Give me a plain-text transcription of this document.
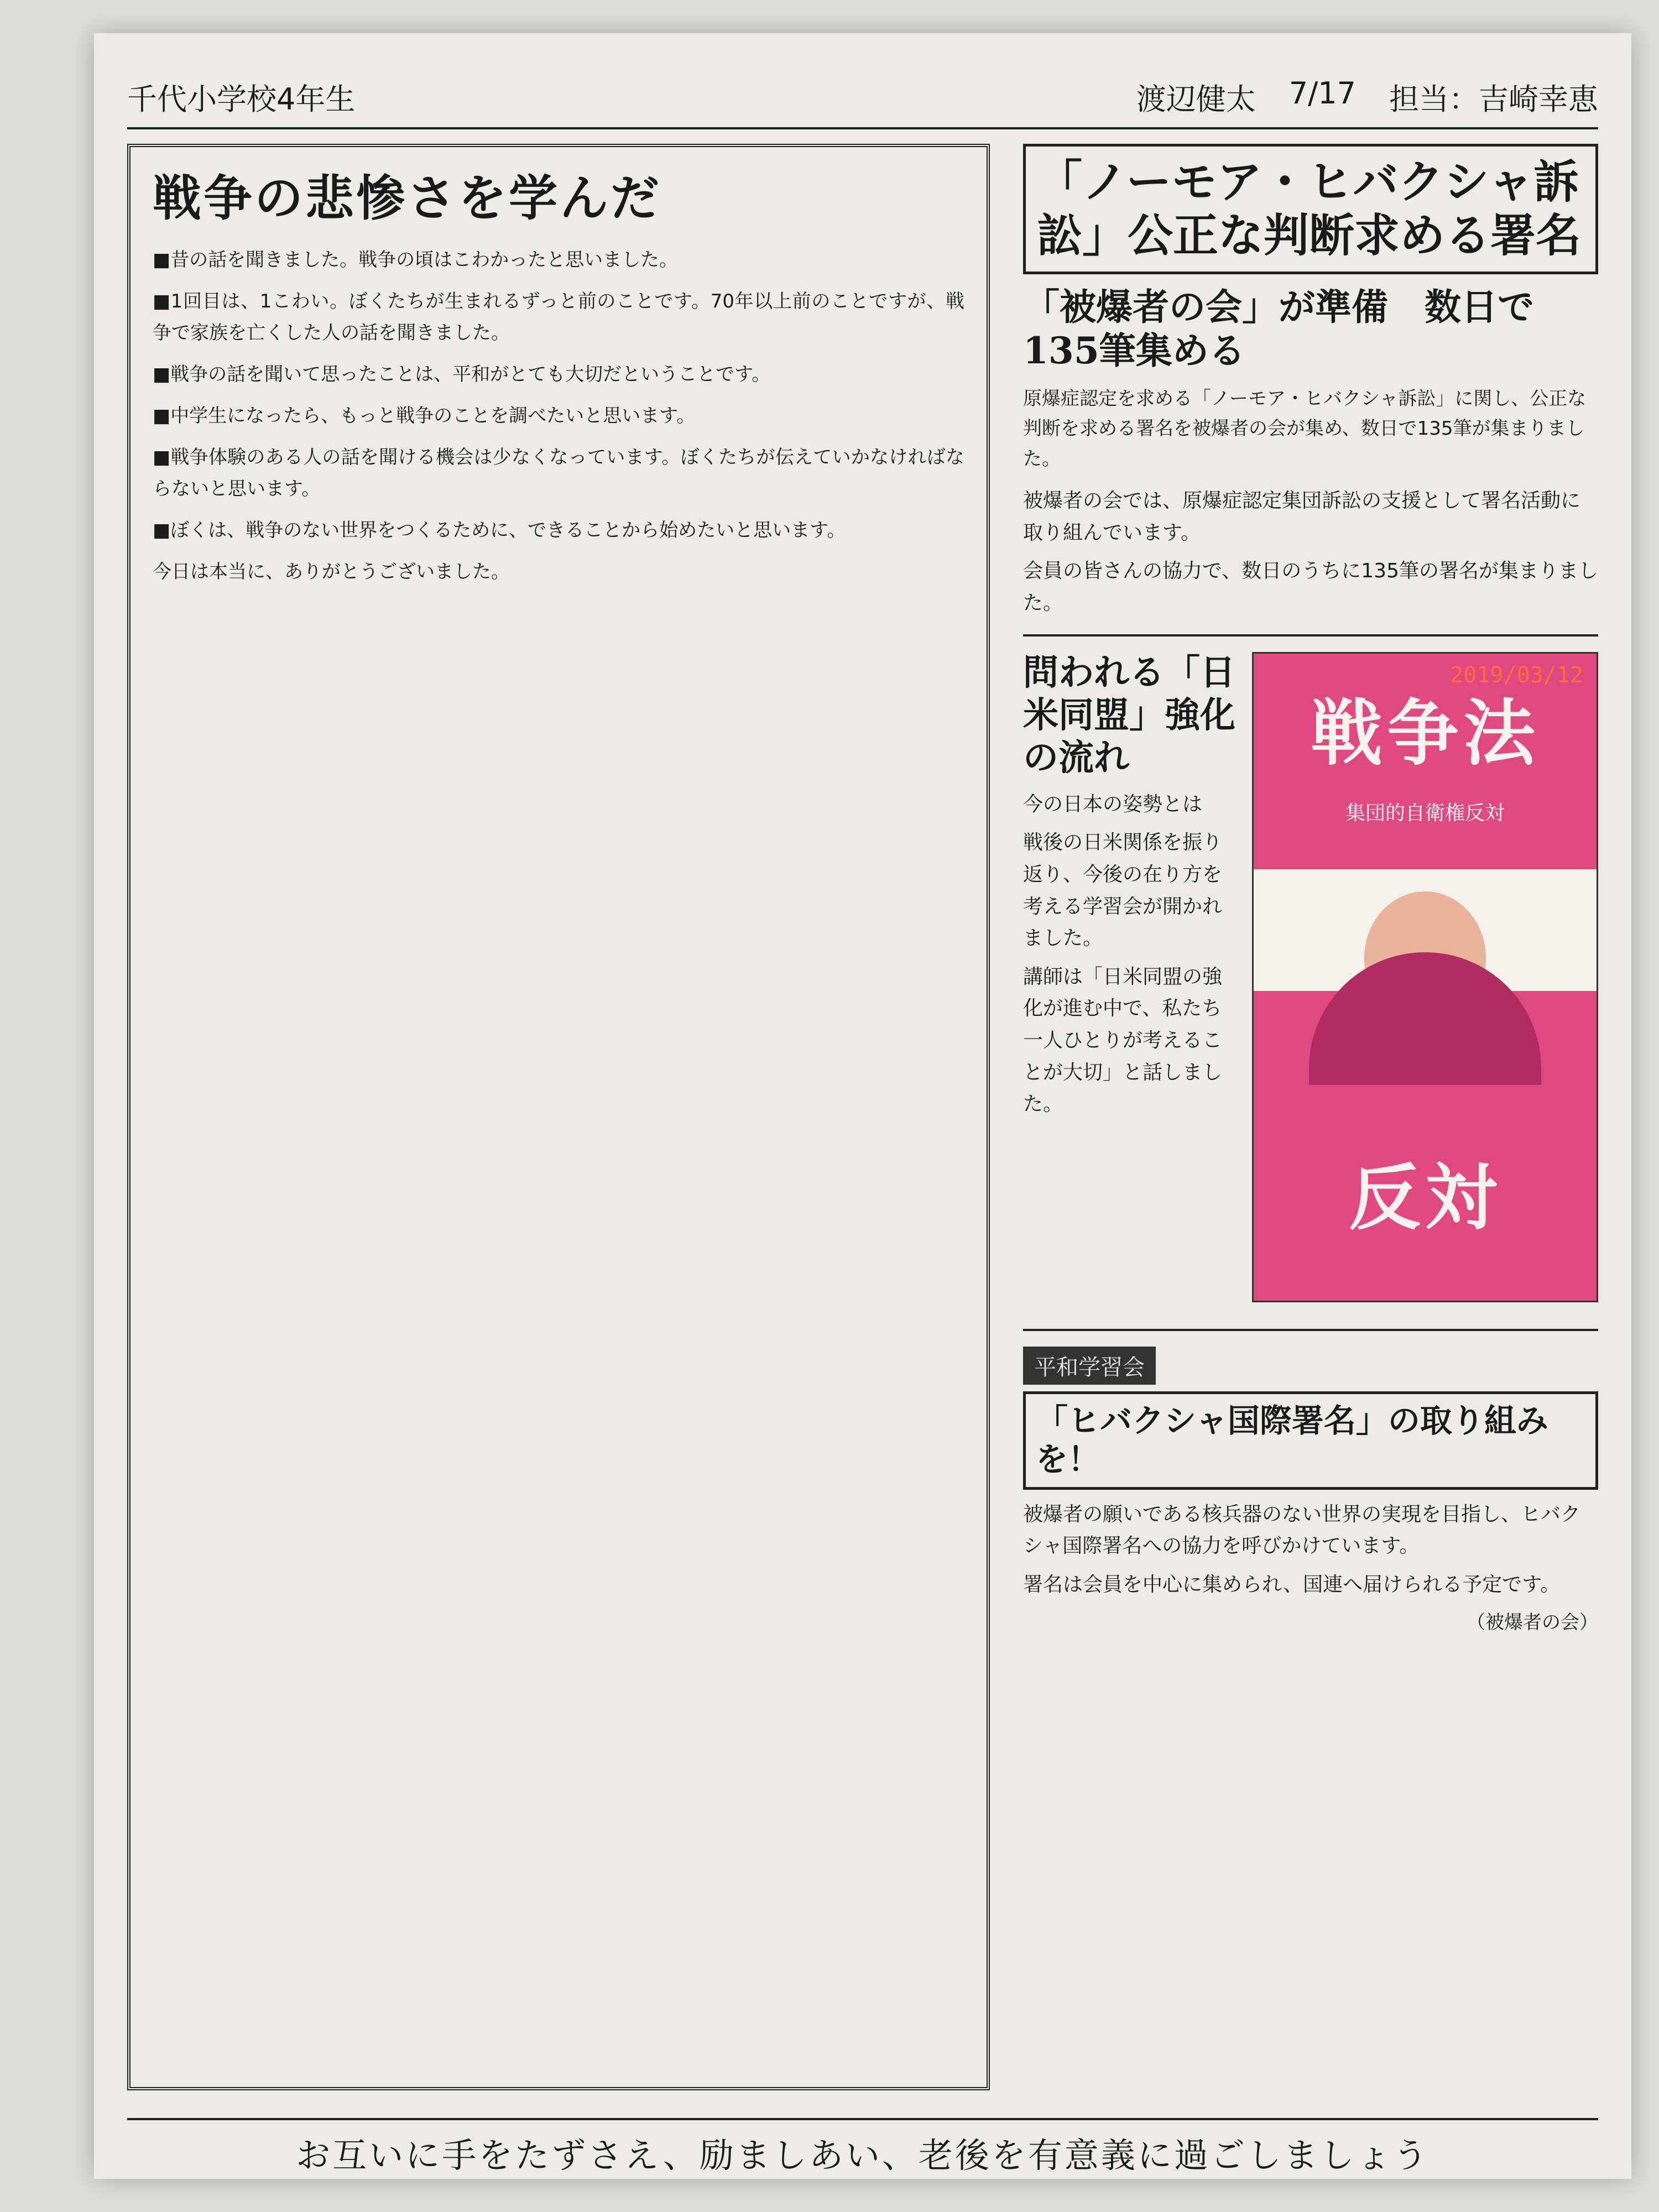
千代小学校4年生	渡辺健太 7/17 担当：吉崎幸恵
戦争の悲惨さを学んだ

■昔の話を聞きました。戦争の頃はこわかったと思いました。

■1回目は、1こわい。ぼくたちが生まれるずっと前のことです。70年以上前のことですが、戦争で家族を亡くした人の話を聞きました。

■戦争の話を聞いて思ったことは、平和がとても大切だということです。

■中学生になったら、もっと戦争のことを調べたいと思います。

■戦争体験のある人の話を聞ける機会は少なくなっています。ぼくたちが伝えていかなければならないと思います。

■ぼくは、戦争のない世界をつくるために、できることから始めたいと思います。

今日は本当に、ありがとうございました。

「ノーモア・ヒバクシャ訴訟」公正な判断求める署名
「被爆者の会」が準備　数日で135筆集める
原爆症認定を求める「ノーモア・ヒバクシャ訴訟」に関し、公正な判断を求める署名を被爆者の会が集め、数日で135筆が集まりました。

被爆者の会では、原爆症認定集団訴訟の支援として署名活動に取り組んでいます。

会員の皆さんの協力で、数日のうちに135筆の署名が集まりました。

戦争法
集団的自衛権反対
反対
2019/03/12
問われる「日米同盟」強化の流れ

今の日本の姿勢とは

戦後の日米関係を振り返り、今後の在り方を考える学習会が開かれました。

講師は「日米同盟の強化が進む中で、私たち一人ひとりが考えることが大切」と話しました。

平和学習会
「ヒバクシャ国際署名」の取り組みを！

被爆者の願いである核兵器のない世界の実現を目指し、ヒバクシャ国際署名への協力を呼びかけています。

署名は会員を中心に集められ、国連へ届けられる予定です。

（被爆者の会）
お互いに手をたずさえ、励ましあい、老後を有意義に過ごしましょう
